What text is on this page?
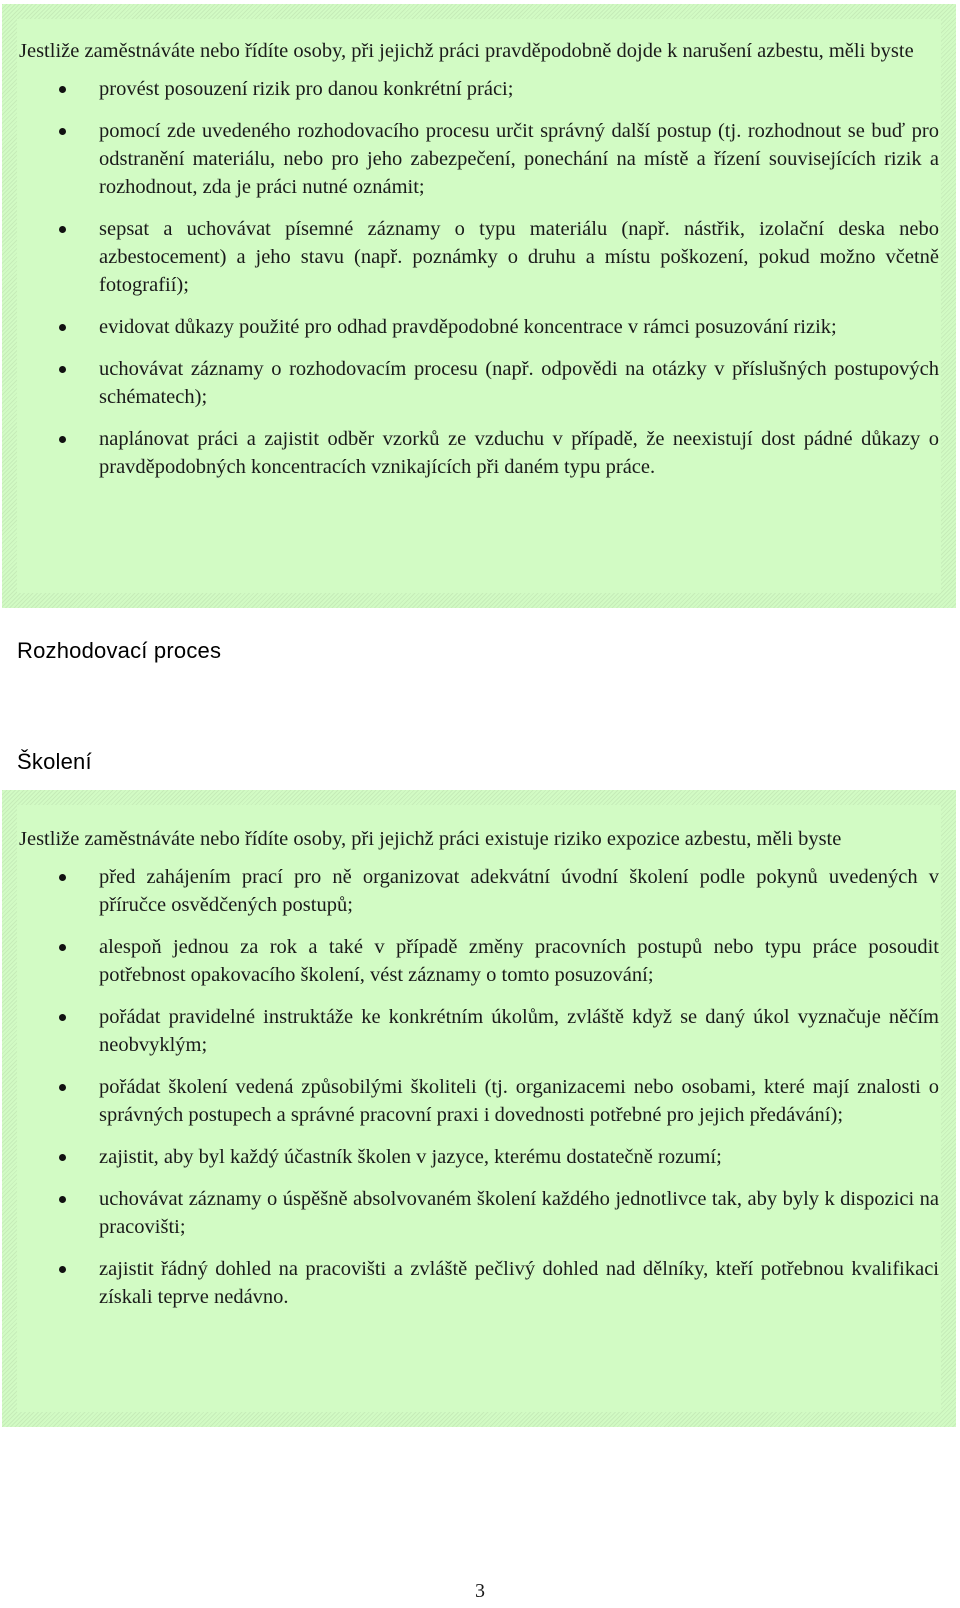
Jestliže zaměstnáváte nebo řídíte osoby, při jejichž práci pravděpodobně dojde k narušení azbestu, měli byste

provést posouzení rizik pro danou konkrétní práci;
pomocí zde uvedeného rozhodovacího procesu určit správný další postup (tj. rozhodnout se buď pro odstranění materiálu, nebo pro jeho zabezpečení, ponechání na místě a řízení souvisejících rizik a rozhodnout, zda je práci nutné oznámit;
sepsat a uchovávat písemné záznamy o typu materiálu (např. nástřik, izolační deska nebo azbestocement) a jeho stavu (např. poznámky o druhu a místu poškození, pokud možno včetně fotografií);
evidovat důkazy použité pro odhad pravděpodobné koncentrace v rámci posuzování rizik;
uchovávat záznamy o rozhodovacím procesu (např. odpovědi na otázky v příslušných postupových schématech);
naplánovat práci a zajistit odběr vzorků ze vzduchu v případě, že neexistují dost pádné důkazy o pravděpodobných koncentracích vznikajících při daném typu práce.
Rozhodovací proces
Školení

Jestliže zaměstnáváte nebo řídíte osoby, při jejichž práci existuje riziko expozice azbestu, měli byste

před zahájením prací pro ně organizovat adekvátní úvodní školení podle pokynů uvedených v příručce osvědčených postupů;
alespoň jednou za rok a také v případě změny pracovních postupů nebo typu práce posoudit potřebnost opakovacího školení, vést záznamy o tomto posuzování;
pořádat pravidelné instruktáže ke konkrétním úkolům, zvláště když se daný úkol vyznačuje něčím neobvyklým;
pořádat školení vedená způsobilými školiteli (tj. organizacemi nebo osobami, které mají znalosti o správných postupech a správné pracovní praxi i dovednosti potřebné pro jejich předávání);
zajistit, aby byl každý účastník školen v jazyce, kterému dostatečně rozumí;
uchovávat záznamy o úspěšně absolvovaném školení každého jednotlivce tak, aby byly k dispozici na pracovišti;
zajistit řádný dohled na pracovišti a zvláště pečlivý dohled nad dělníky, kteří potřebnou kvalifikaci získali teprve nedávno.
3
